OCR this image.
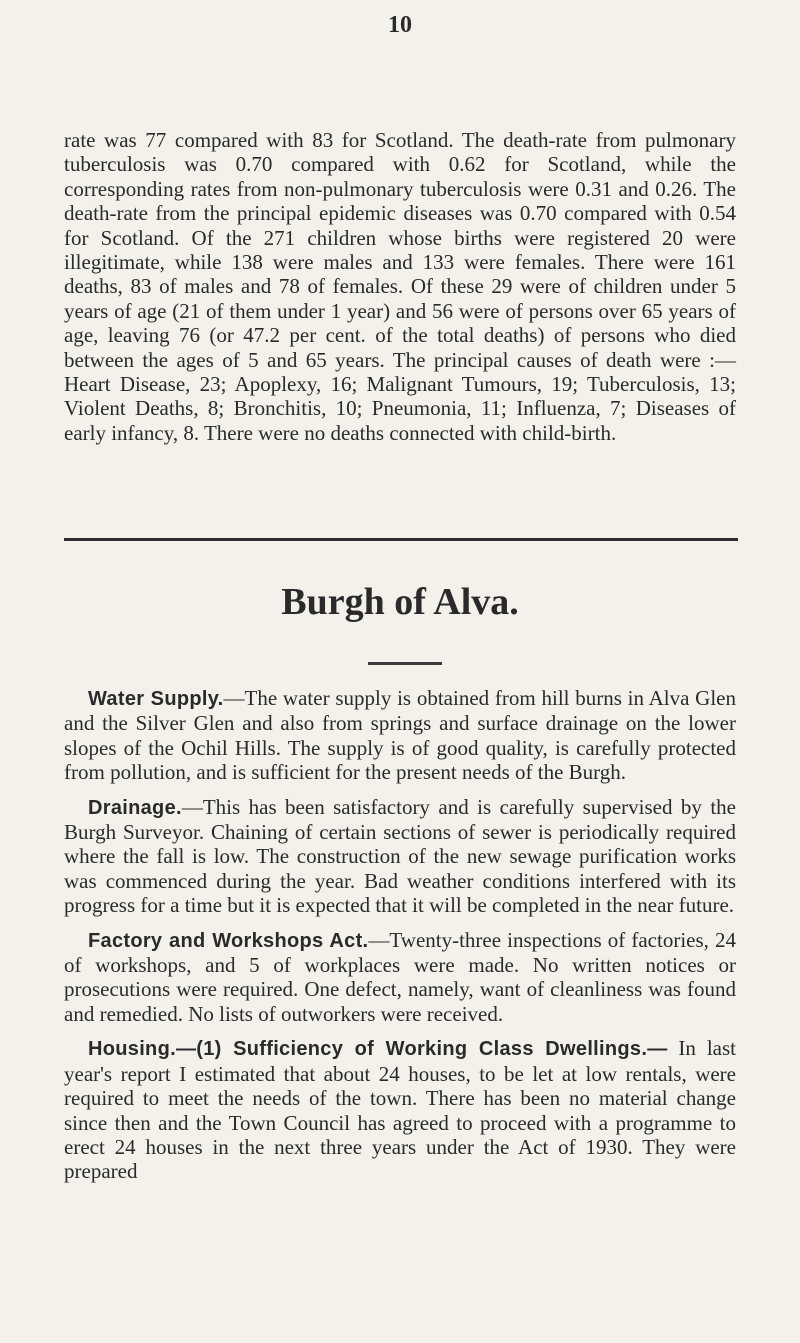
10

rate was 77 compared with 83 for Scotland. The death-rate from pulmonary tuberculosis was 0.70 compared with 0.62 for Scotland, while the corresponding rates from non-pulmonary tuberculosis were 0.31 and 0.26. The death-rate from the principal epidemic diseases was 0.70 compared with 0.54 for Scotland. Of the 271 children whose births were registered 20 were illegitimate, while 138 were males and 133 were females. There were 161 deaths, 83 of males and 78 of females. Of these 29 were of children under 5 years of age (21 of them under 1 year) and 56 were of persons over 65 years of age, leaving 76 (or 47.2 per cent. of the total deaths) of persons who died between the ages of 5 and 65 years. The principal causes of death were :—Heart Disease, 23; Apoplexy, 16; Malignant Tumours, 19; Tuberculosis, 13; Violent Deaths, 8; Bronchitis, 10; Pneumonia, 11; Influenza, 7; Diseases of early infancy, 8. There were no deaths connected with child-birth.

Burgh of Alva.

Water Supply.—The water supply is obtained from hill burns in Alva Glen and the Silver Glen and also from springs and surface drainage on the lower slopes of the Ochil Hills. The supply is of good quality, is carefully protected from pollution, and is sufficient for the present needs of the Burgh.

Drainage.—This has been satisfactory and is carefully supervised by the Burgh Surveyor. Chaining of certain sections of sewer is periodically required where the fall is low. The construction of the new sewage purification works was commenced during the year. Bad weather conditions interfered with its progress for a time but it is expected that it will be completed in the near future.

Factory and Workshops Act.—Twenty-three inspections of factories, 24 of workshops, and 5 of workplaces were made. No written notices or prosecutions were required. One defect, namely, want of cleanliness was found and remedied. No lists of outworkers were received.

Housing.—(1) Sufficiency of Working Class Dwellings.— In last year's report I estimated that about 24 houses, to be let at low rentals, were required to meet the needs of the town. There has been no material change since then and the Town Council has agreed to proceed with a programme to erect 24 houses in the next three years under the Act of 1930. They were prepared
